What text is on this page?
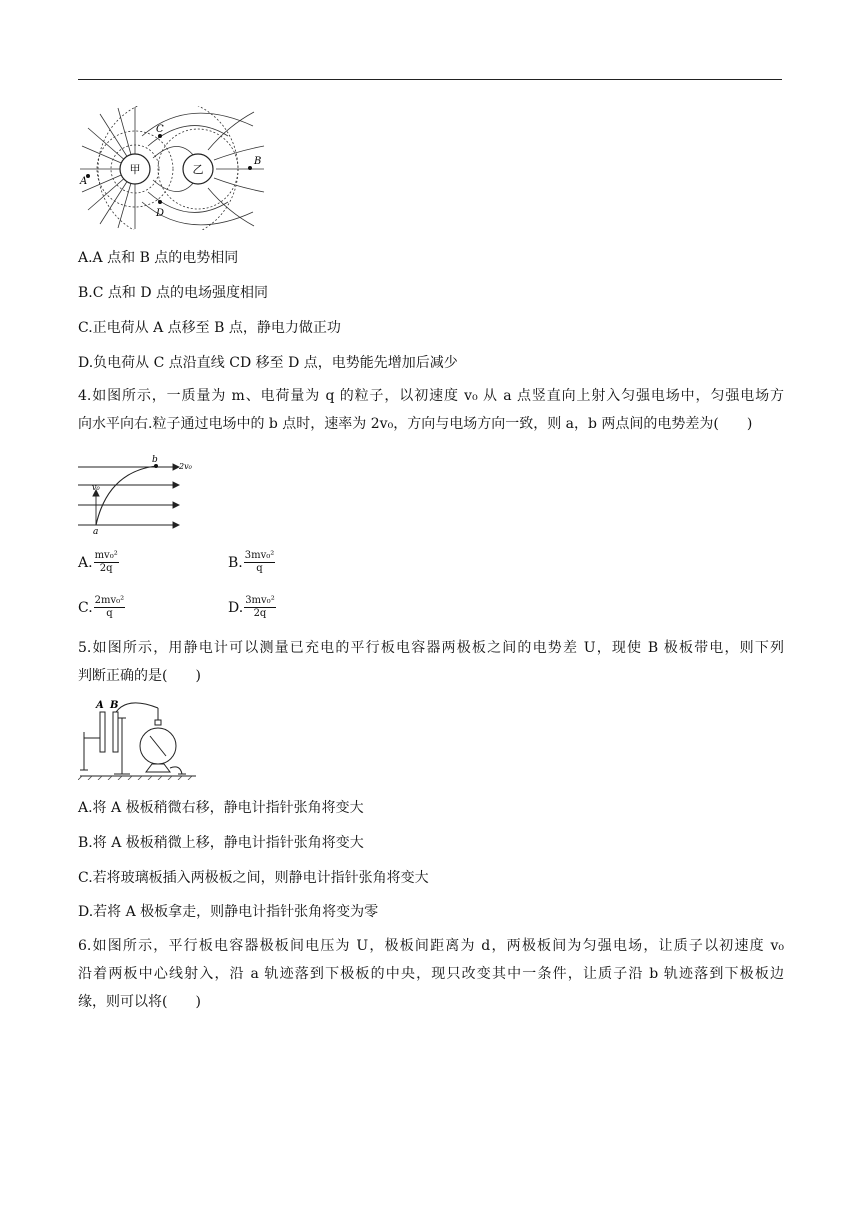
甲	乙
A
C
D
B
A.A 点和 B 点的电势相同
B.C 点和 D 点的电场强度相同
C.正电荷从 A 点移至 B 点，静电力做正功
D.负电荷从 C 点沿直线 CD 移至 D 点，电势能先增加后减少
4.如图所示，一质量为 m、电荷量为 q 的粒子，以初速度 v₀ 从 a 点竖直向上射入匀强电场中，匀强电场方
向水平向右.粒子通过电场中的 b 点时，速率为 2v₀，方向与电场方向一致，则 a，b 两点间的电势差为(　　)
b
2v₀
v₀
a
A. $\frac{\text{mv₀²}}{2q}$	B. $\frac{\text{3mv₀²}}{q}$
C. $\frac{\text{2mv₀²}}{q}$	D. $\frac{\text{3mv₀²}}{2q}$
5.如图所示，用静电计可以测量已充电的平行板电容器两极板之间的电势差 U，现使 B 极板带电，则下列
判断正确的是(　　)
A B
A.将 A 极板稍微右移，静电计指针张角将变大
B.将 A 极板稍微上移，静电计指针张角将变大
C.若将玻璃板插入两极板之间，则静电计指针张角将变大
D.若将 A 极板拿走，则静电计指针张角将变为零
6.如图所示，平行板电容器极板间电压为 U，极板间距离为 d，两极板间为匀强电场，让质子以初速度 v₀
沿着两板中心线射入，沿 a 轨迹落到下极板的中央，现只改变其中一条件，让质子沿 b 轨迹落到下极板边
缘，则可以将(　　)
